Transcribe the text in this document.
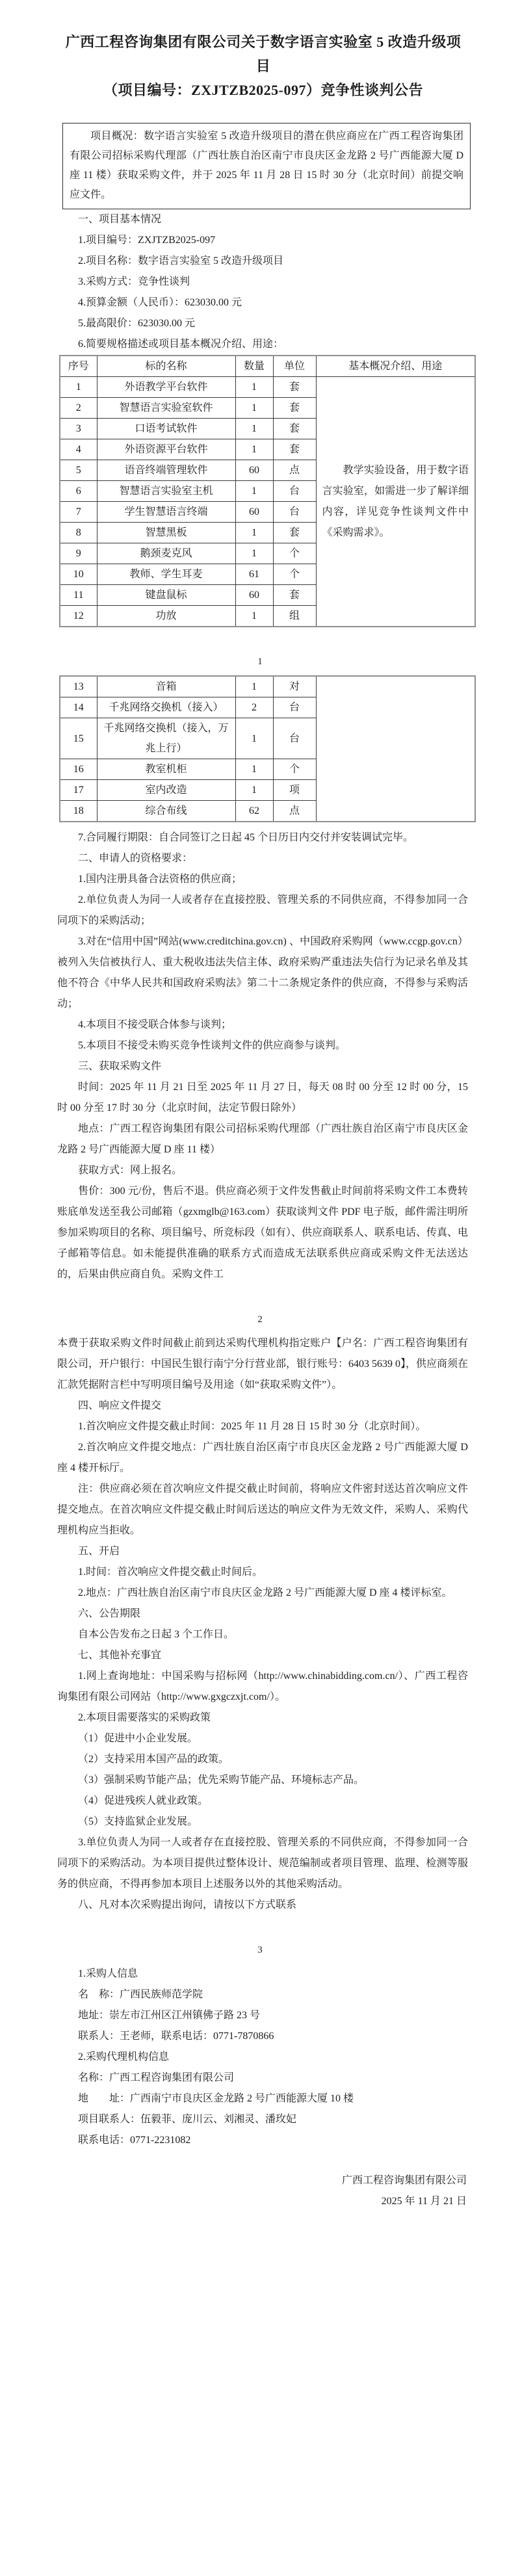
广西工程咨询集团有限公司关于数字语言实验室 5 改造升级项目
（项目编号：ZXJTZB2025-097）竞争性谈判公告

项目概况：数字语言实验室 5 改造升级项目的潜在供应商应在广西工程咨询集团有限公司招标采购代理部（广西壮族自治区南宁市良庆区金龙路 2 号广西能源大厦 D 座 11 楼）获取采购文件，并于 2025 年 11 月 28 日 15 时 30 分（北京时间）前提交响应文件。

一、项目基本情况

1.项目编号：ZXJTZB2025-097

2.项目名称：数字语言实验室 5 改造升级项目

3.采购方式：竞争性谈判

4.预算金额（人民币）：623030.00 元

5.最高限价：623030.00 元

6.简要规格描述或项目基本概况介绍、用途：

序号	标的名称	数量	单位	基本概况介绍、用途
1	外语教学平台软件	1	套	教学实验设备，用于数字语言实验室，如需进一步了解详细内容，详见竞争性谈判文件中《采购需求》。
2	智慧语言实验室软件	1	套	
3	口语考试软件	1	套	
4	外语资源平台软件	1	套	
5	语音终端管理软件	60	点	
6	智慧语言实验室主机	1	台	
7	学生智慧语言终端	60	台	
8	智慧黑板	1	套	
9	鹅颈麦克风	1	个	
10	教师、学生耳麦	61	个	
11	键盘鼠标	60	套	
12	功放	1	组	
1
13	音箱	1	对	
14	千兆网络交换机（接入）	2	台	
15	千兆网络交换机（接入，万兆上行）	1	台	
16	教室机柜	1	个	
17	室内改造	1	项	
18	综合布线	62	点	

7.合同履行期限：自合同签订之日起 45 个日历日内交付并安装调试完毕。

二、申请人的资格要求：

1.国内注册具备合法资格的供应商；

2.单位负责人为同一人或者存在直接控股、管理关系的不同供应商，不得参加同一合同项下的采购活动；

3.对在“信用中国”网站(www.creditchina.gov.cn) 、中国政府采购网（www.ccgp.gov.cn）被列入失信被执行人、重大税收违法失信主体、政府采购严重违法失信行为记录名单及其他不符合《中华人民共和国政府采购法》第二十二条规定条件的供应商，不得参与采购活动；

4.本项目不接受联合体参与谈判；

5.本项目不接受未购买竞争性谈判文件的供应商参与谈判。

三、获取采购文件

时间：2025 年 11 月 21 日至 2025 年 11 月 27 日，每天 08 时 00 分至 12 时 00 分，15 时 00 分至 17 时 30 分（北京时间，法定节假日除外）

地点：广西工程咨询集团有限公司招标采购代理部（广西壮族自治区南宁市良庆区金龙路 2 号广西能源大厦 D 座 11 楼）

获取方式：网上报名。

售价：300 元/份，售后不退。供应商必须于文件发售截止时间前将采购文件工本费转账底单发送至我公司邮箱（gzxmglb@163.com）获取谈判文件 PDF 电子版，邮件需注明所参加采购项目的名称、项目编号、所竞标段（如有）、供应商联系人、联系电话、传真、电子邮箱等信息。如未能提供准确的联系方式而造成无法联系供应商或采购文件无法送达的，后果由供应商自负。采购文件工

2

本费于获取采购文件时间截止前到达采购代理机构指定账户【户名：广西工程咨询集团有限公司，开户银行：中国民生银行南宁分行营业部，银行账号：6403 5639 0】，供应商须在汇款凭据附言栏中写明项目编号及用途（如“获取采购文件”）。

四、响应文件提交

1.首次响应文件提交截止时间：2025 年 11 月 28 日 15 时 30 分（北京时间）。

2.首次响应文件提交地点：广西壮族自治区南宁市良庆区金龙路 2 号广西能源大厦 D 座 4 楼开标厅。

注：供应商必须在首次响应文件提交截止时间前，将响应文件密封送达首次响应文件提交地点。在首次响应文件提交截止时间后送达的响应文件为无效文件，采购人、采购代理机构应当拒收。

五、开启

1.时间：首次响应文件提交截止时间后。

2.地点：广西壮族自治区南宁市良庆区金龙路 2 号广西能源大厦 D 座 4 楼评标室。

六、公告期限

自本公告发布之日起 3 个工作日。

七、其他补充事宜

1.网上查询地址：中国采购与招标网（http://www.chinabidding.com.cn/）、广西工程咨询集团有限公司网站（http://www.gxgczxjt.com/）。

2.本项目需要落实的采购政策

（1）促进中小企业发展。

（2）支持采用本国产品的政策。

（3）强制采购节能产品；优先采购节能产品、环境标志产品。

（4）促进残疾人就业政策。

（5）支持监狱企业发展。

3.单位负责人为同一人或者存在直接控股、管理关系的不同供应商，不得参加同一合同项下的采购活动。为本项目提供过整体设计、规范编制或者项目管理、监理、检测等服务的供应商，不得再参加本项目上述服务以外的其他采购活动。

八、凡对本次采购提出询问，请按以下方式联系

3

1.采购人信息

名　称：广西民族师范学院

地址：崇左市江州区江州镇佛子路 23 号

联系人：王老师，联系电话：0771-7870866

2.采购代理机构信息

名称：广西工程咨询集团有限公司

地　　址：广西南宁市良庆区金龙路 2 号广西能源大厦 10 楼

项目联系人：伍毅菲、庞川云、刘湘灵、潘玫妃

联系电话：0771-2231082

广西工程咨询集团有限公司
2025 年 11 月 21 日
